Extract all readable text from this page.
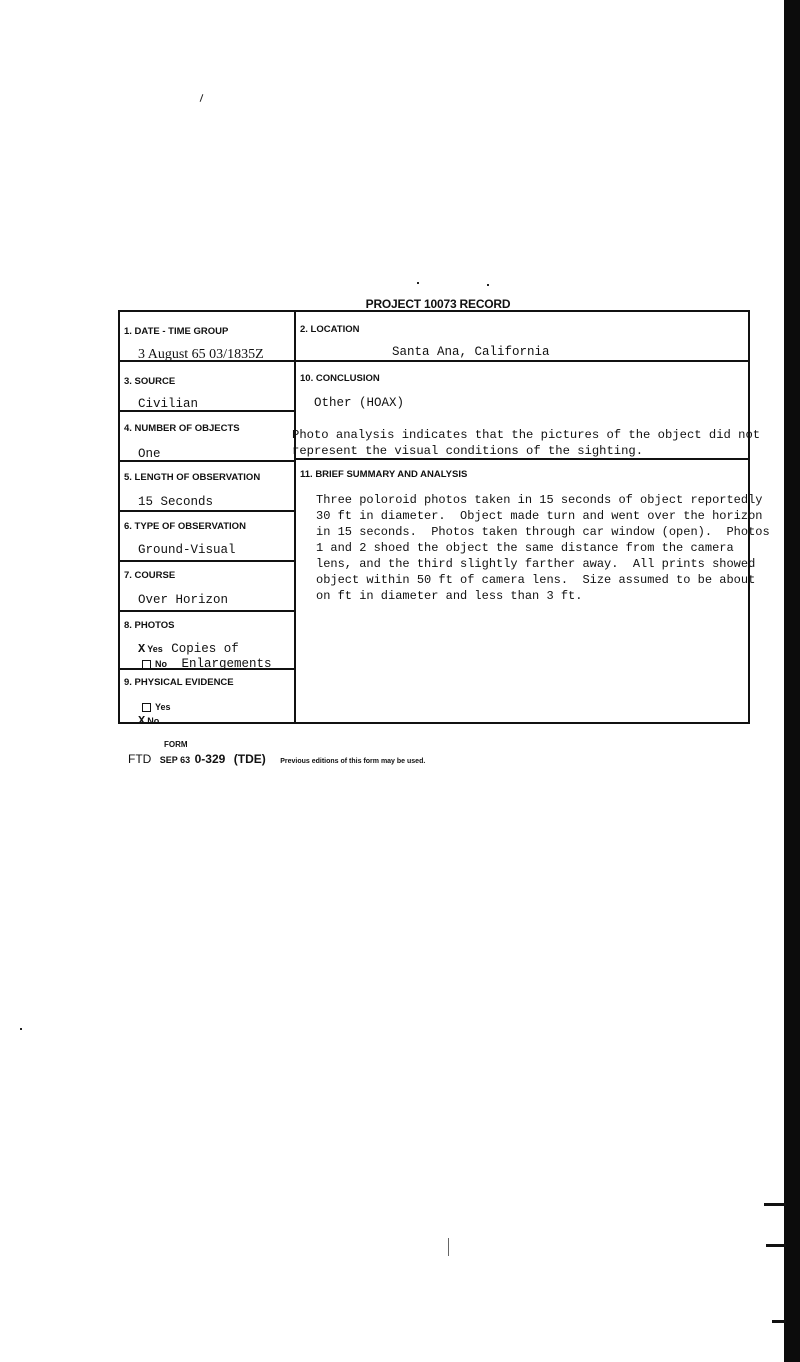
PROJECT 10073 RECORD
1. DATE - TIME GROUP
3 August 65 03/1835Z
3. SOURCE
Civilian
4. NUMBER OF OBJECTS
One
5. LENGTH OF OBSERVATION
15 Seconds
6. TYPE OF OBSERVATION
Ground-Visual
7. COURSE
Over Horizon
8. PHOTOS
X Yes Copies of
No Enlargements
9. PHYSICAL EVIDENCE
Yes
X No
2. LOCATION
Santa Ana, California
10. CONCLUSION
Other (HOAX)
Photo analysis indicates that the pictures of the object did not
represent the visual conditions of the sighting.
11. BRIEF SUMMARY AND ANALYSIS
Three poloroid photos taken in 15 seconds of object reportedly
30 ft in diameter.  Object made turn and went over the horizon
in 15 seconds.  Photos taken through car window (open).  Photos
1 and 2 shoed the object the same distance from the camera
lens, and the third slightly farther away.  All prints showed
object within 50 ft of camera lens.  Size assumed to be about
on ft in diameter and less than 3 ft.
FORM
FTD SEP 63 0-329 (TDE) Previous editions of this form may be used.
